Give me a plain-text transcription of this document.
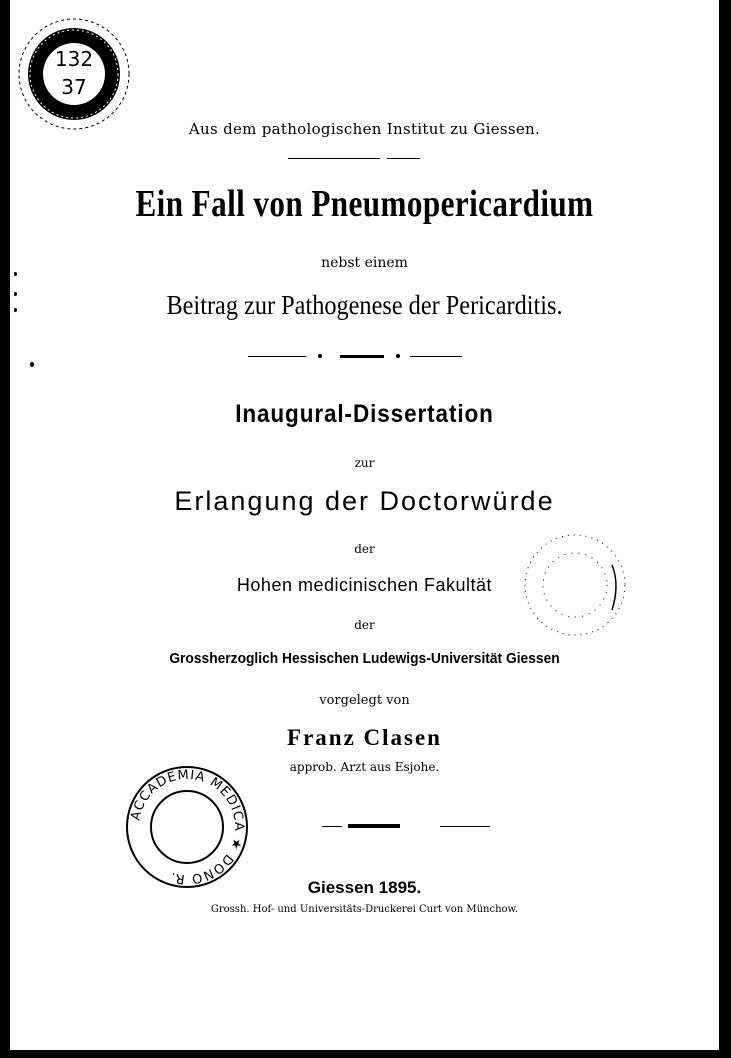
132
37
Aus dem pathologischen Institut zu Giessen.
Ein Fall von Pneumopericardium
nebst einem
Beitrag zur Pathogenese der Pericarditis.
Inaugural-Dissertation
zur
Erlangung der Doctorwürde
der
Hohen medicinischen Fakultät
der
Grossherzoglich Hessischen Ludewigs-Universität Giessen
vorgelegt von
Franz Clasen
approb. Arzt aus Esjohe.
ACCADEMIA MEDICA ★ DONO R.
Giessen 1895.
Grossh. Hof- und Universitäts-Druckerei Curt von Münchow.
